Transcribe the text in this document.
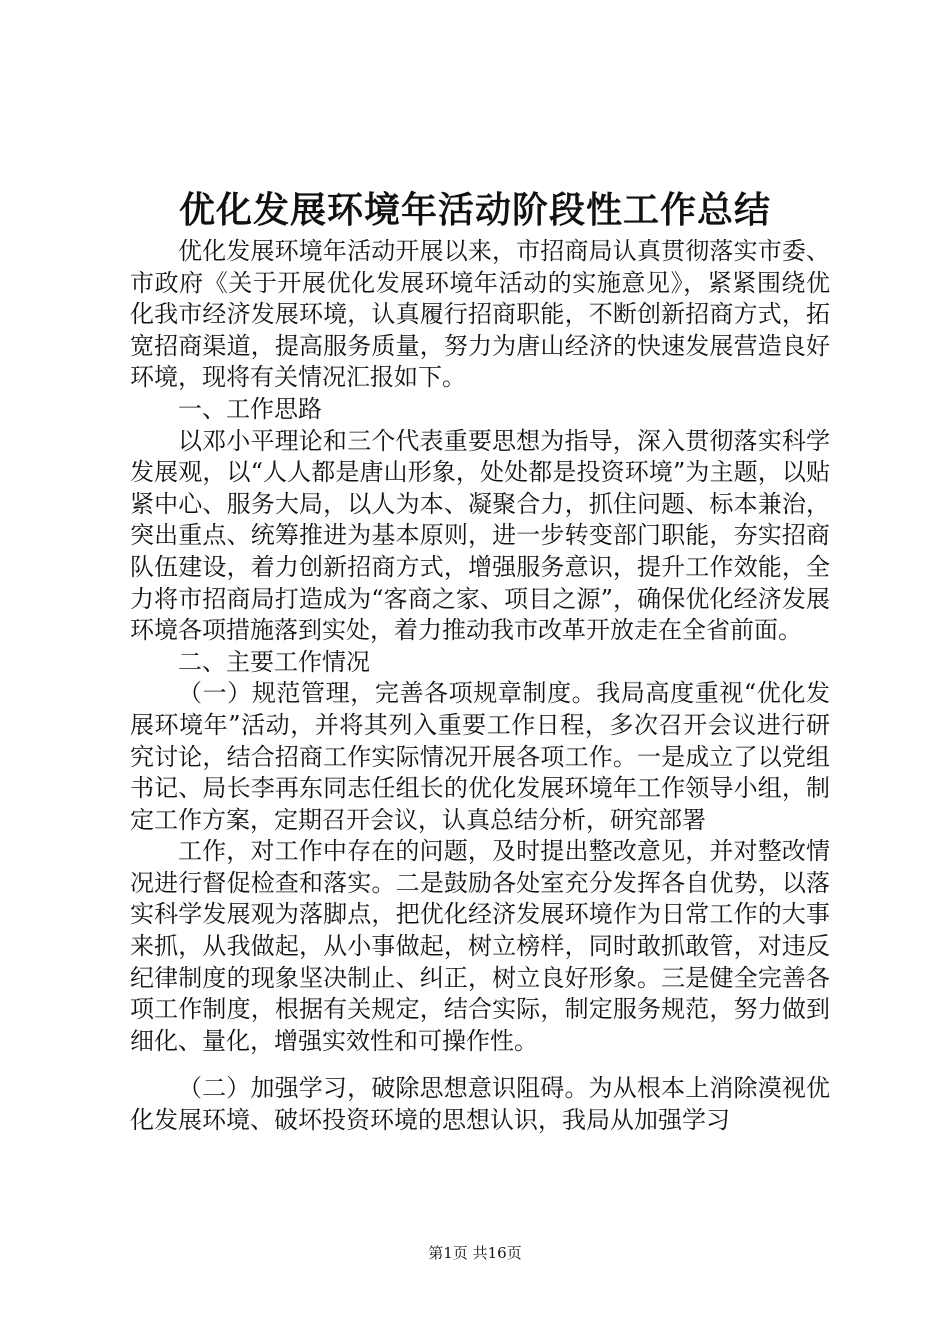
优化发展环境年活动阶段性工作总结

优化发展环境年活动开展以来，市招商局认真贯彻落实市委、市政府《关于开展优化发展环境年活动的实施意见》，紧紧围绕优化我市经济发展环境，认真履行招商职能，不断创新招商方式，拓宽招商渠道，提高服务质量，努力为唐山经济的快速发展营造良好环境，现将有关情况汇报如下。

一、工作思路

以邓小平理论和三个代表重要思想为指导，深入贯彻落实科学发展观，以“人人都是唐山形象，处处都是投资环境”为主题，以贴紧中心、服务大局，以人为本、凝聚合力，抓住问题、标本兼治，突出重点、统筹推进为基本原则，进一步转变部门职能，夯实招商队伍建设，着力创新招商方式，增强服务意识，提升工作效能，全力将市招商局打造成为“客商之家、项目之源”，确保优化经济发展环境各项措施落到实处，着力推动我市改革开放走在全省前面。

二、主要工作情况

（一）规范管理，完善各项规章制度。我局高度重视“优化发展环境年”活动，并将其列入重要工作日程，多次召开会议进行研究讨论，结合招商工作实际情况开展各项工作。一是成立了以党组书记、局长李再东同志任组长的优化发展环境年工作领导小组，制定工作方案，定期召开会议，认真总结分析，研究部署

工作，对工作中存在的问题，及时提出整改意见，并对整改情况进行督促检查和落实。二是鼓励各处室充分发挥各自优势，以落实科学发展观为落脚点，把优化经济发展环境作为日常工作的大事来抓，从我做起，从小事做起，树立榜样，同时敢抓敢管，对违反纪律制度的现象坚决制止、纠正，树立良好形象。三是健全完善各项工作制度，根据有关规定，结合实际，制定服务规范，努力做到细化、量化，增强实效性和可操作性。

（二）加强学习，破除思想意识阻碍。为从根本上消除漠视优化发展环境、破坏投资环境的思想认识，我局从加强学习

第1页 共16页
